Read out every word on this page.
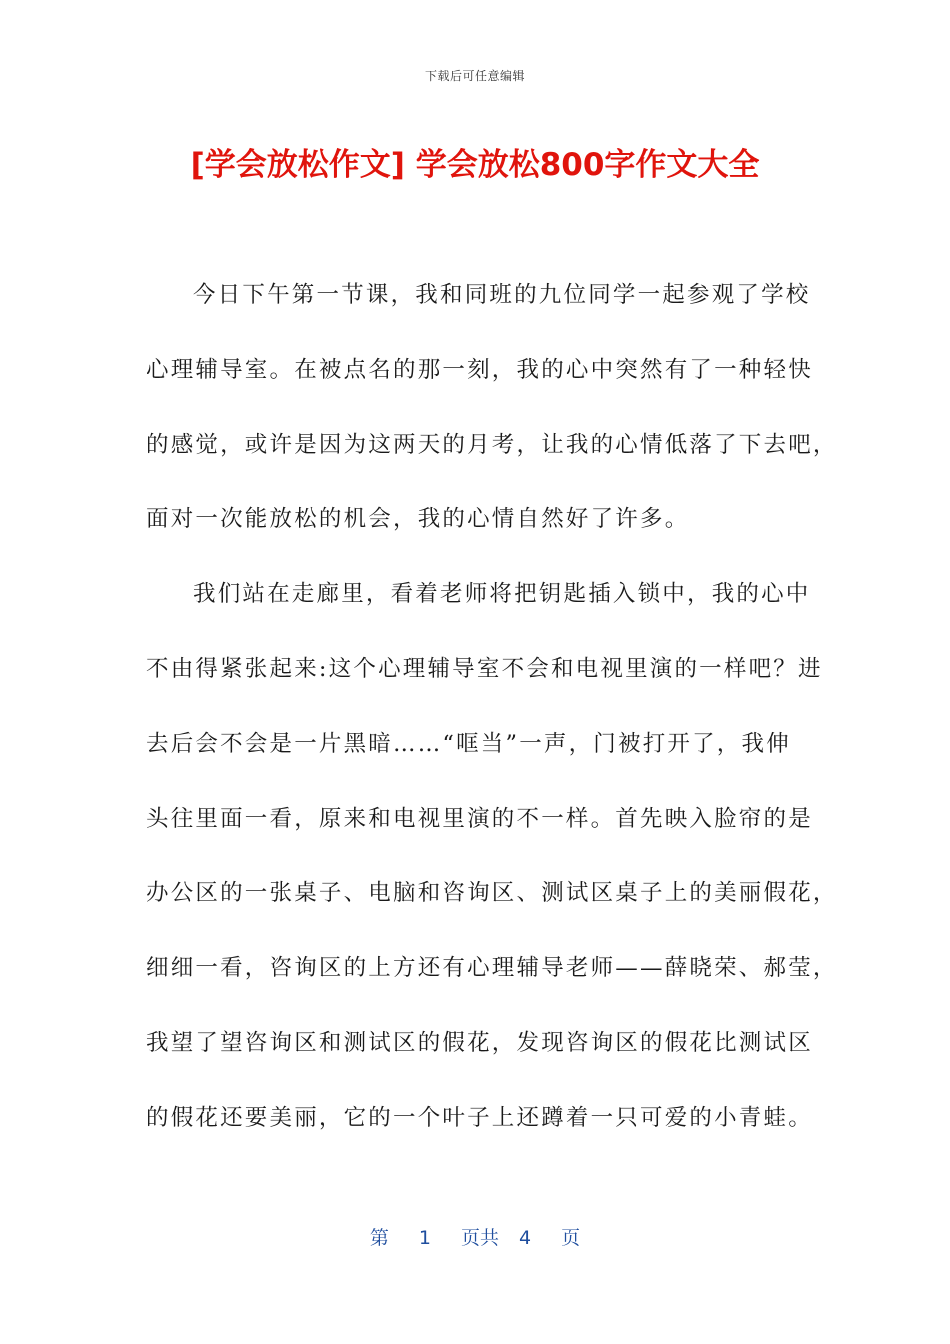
下载后可任意编辑
[学会放松作文] 学会放松800字作文大全
今日下午第一节课，我和同班的九位同学一起参观了学校
心理辅导室。在被点名的那一刻，我的心中突然有了一种轻快
的感觉，或许是因为这两天的月考，让我的心情低落了下去吧，
面对一次能放松的机会，我的心情自然好了许多。
我们站在走廊里，看着老师将把钥匙插入锁中，我的心中
不由得紧张起来:这个心理辅导室不会和电视里演的一样吧？进
去后会不会是一片黑暗……“哐当”一声，门被打开了，我伸
头往里面一看，原来和电视里演的不一样。首先映入脸帘的是
办公区的一张桌子、电脑和咨询区、测试区桌子上的美丽假花，
细细一看，咨询区的上方还有心理辅导老师——薛晓荣、郝莹，
我望了望咨询区和测试区的假花，发现咨询区的假花比测试区
的假花还要美丽，它的一个叶子上还蹲着一只可爱的小青蛙。
第 1 页共 4 页
